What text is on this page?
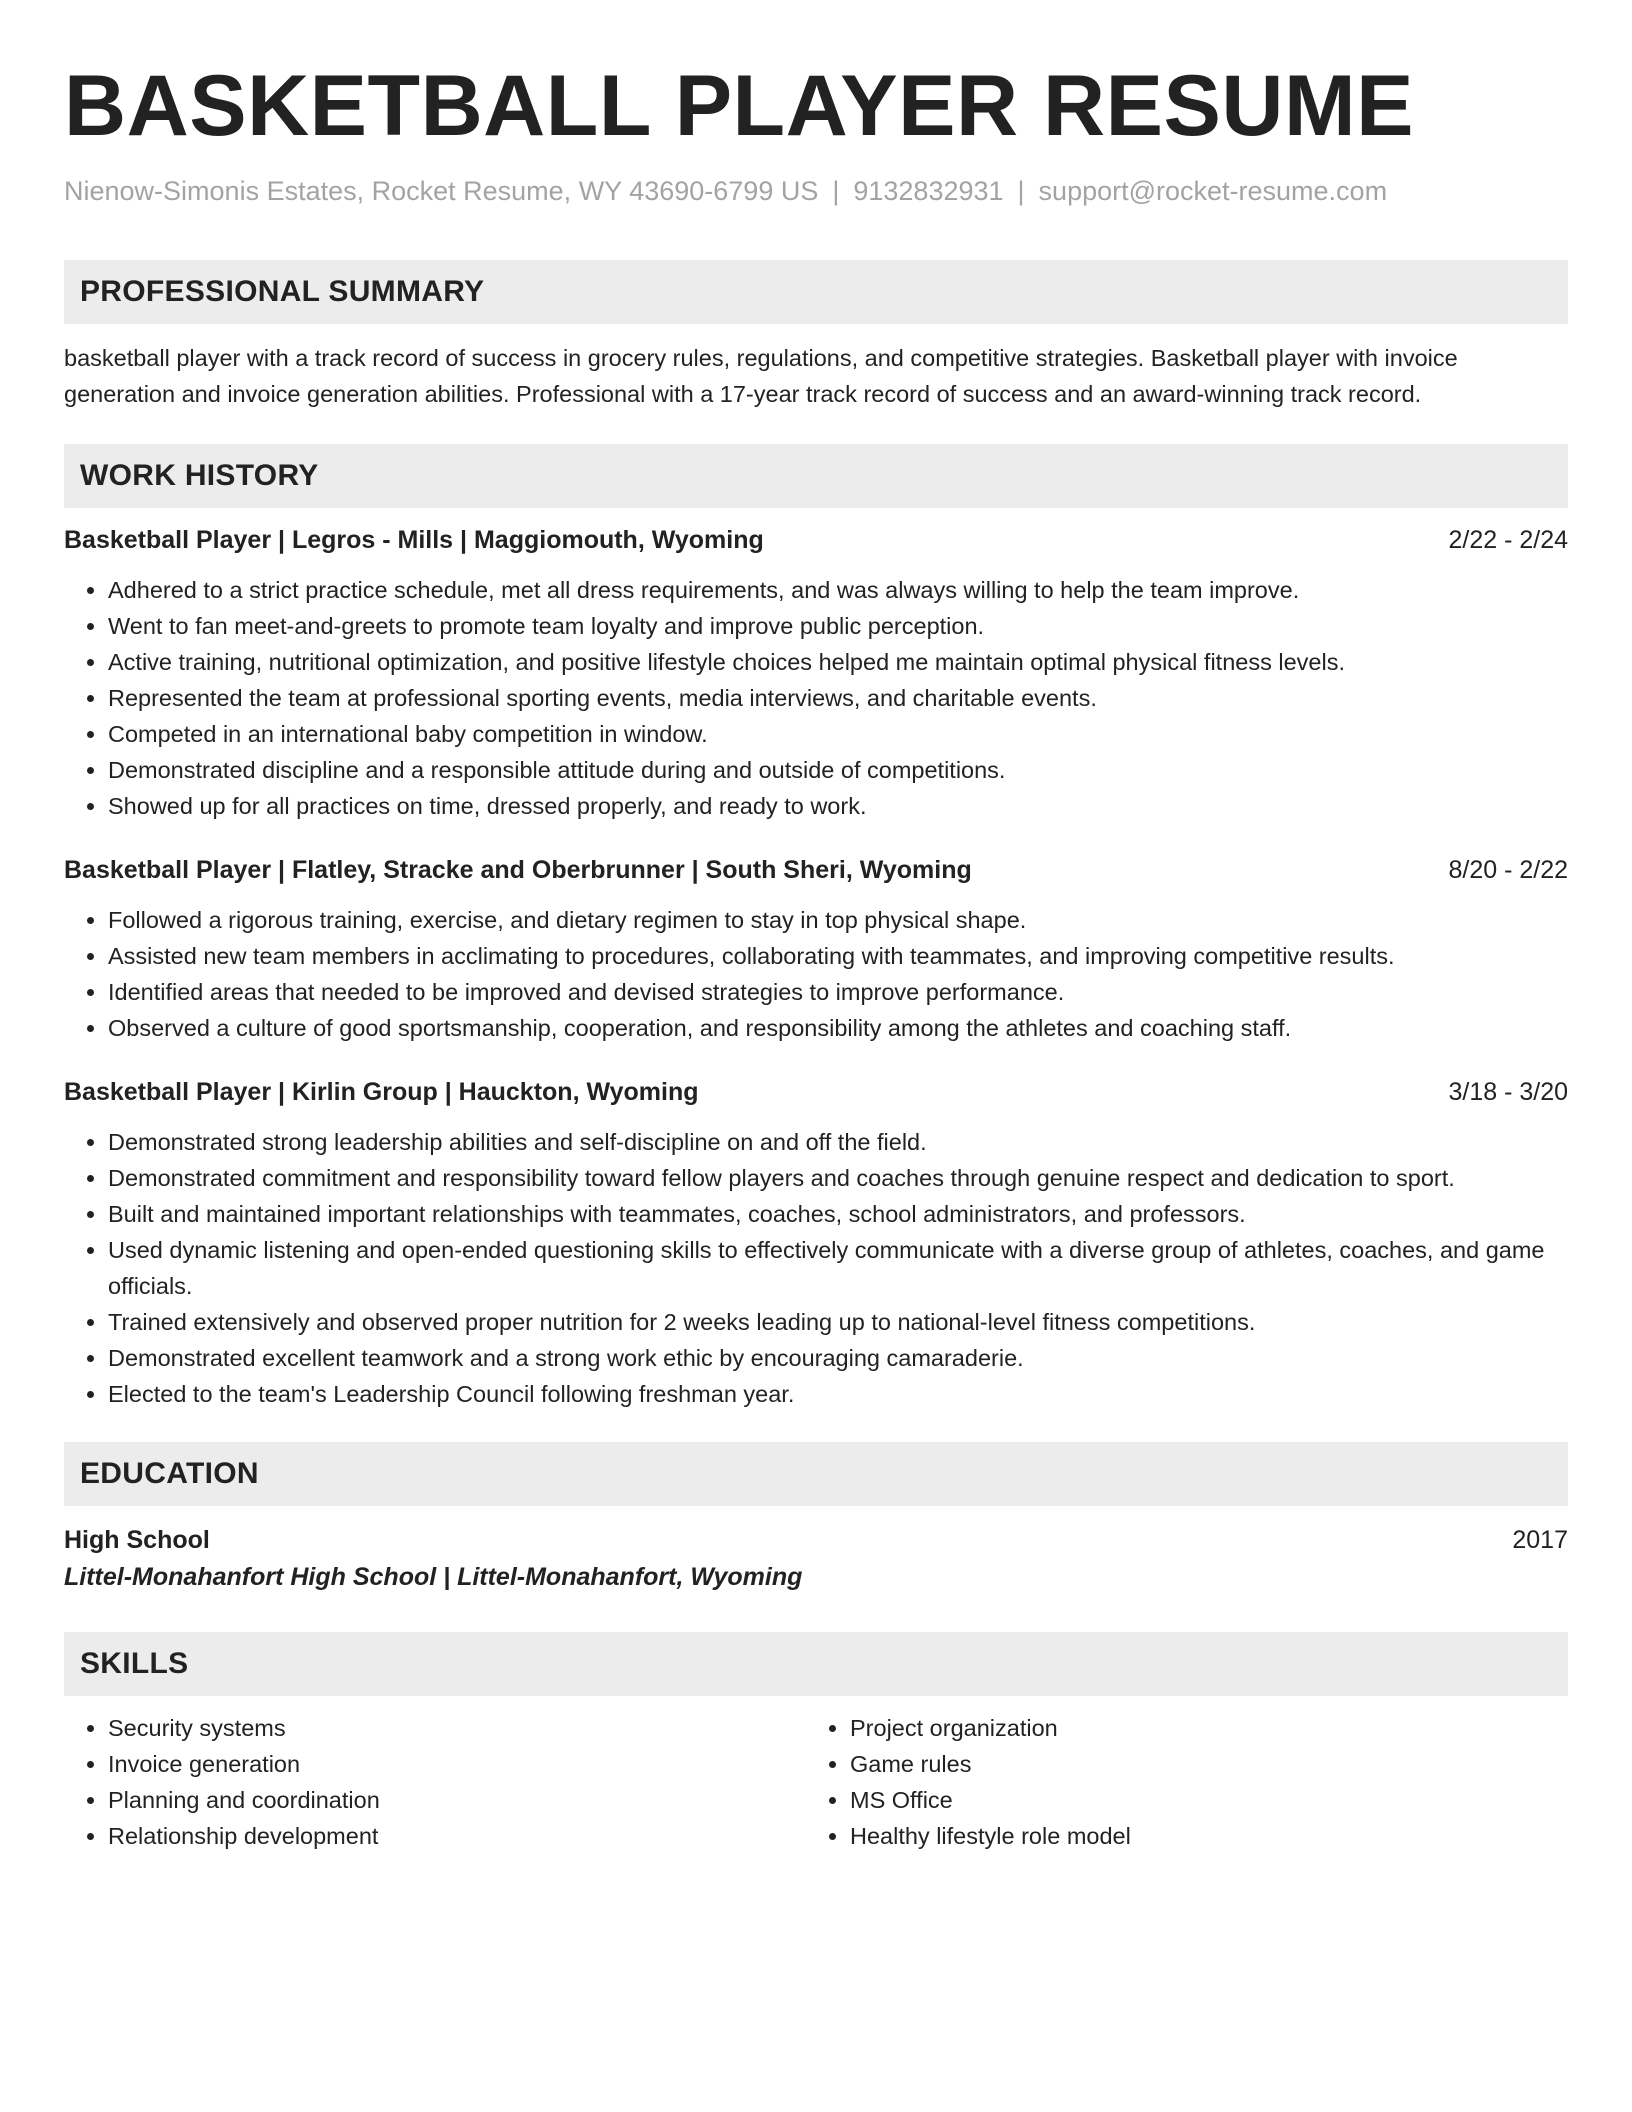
BASKETBALL PLAYER RESUME
Nienow-Simonis Estates, Rocket Resume, WY 43690-6799 US | 9132832931 | support@rocket-resume.com
PROFESSIONAL SUMMARY
basketball player with a track record of success in grocery rules, regulations, and competitive strategies. Basketball player with invoice generation and invoice generation abilities. Professional with a 17-year track record of success and an award-winning track record.
WORK HISTORY
Basketball Player | Legros - Mills | Maggiomouth, Wyoming	2/22 - 2/24
• Adhered to a strict practice schedule, met all dress requirements, and was always willing to help the team improve.
• Went to fan meet-and-greets to promote team loyalty and improve public perception.
• Active training, nutritional optimization, and positive lifestyle choices helped me maintain optimal physical fitness levels.
• Represented the team at professional sporting events, media interviews, and charitable events.
• Competed in an international baby competition in window.
• Demonstrated discipline and a responsible attitude during and outside of competitions.
• Showed up for all practices on time, dressed properly, and ready to work.
Basketball Player | Flatley, Stracke and Oberbrunner | South Sheri, Wyoming	8/20 - 2/22
• Followed a rigorous training, exercise, and dietary regimen to stay in top physical shape.
• Assisted new team members in acclimating to procedures, collaborating with teammates, and improving competitive results.
• Identified areas that needed to be improved and devised strategies to improve performance.
• Observed a culture of good sportsmanship, cooperation, and responsibility among the athletes and coaching staff.
Basketball Player | Kirlin Group | Hauckton, Wyoming	3/18 - 3/20
• Demonstrated strong leadership abilities and self-discipline on and off the field.
• Demonstrated commitment and responsibility toward fellow players and coaches through genuine respect and dedication to sport.
• Built and maintained important relationships with teammates, coaches, school administrators, and professors.
• Used dynamic listening and open-ended questioning skills to effectively communicate with a diverse group of athletes, coaches, and game officials.
• Trained extensively and observed proper nutrition for 2 weeks leading up to national-level fitness competitions.
• Demonstrated excellent teamwork and a strong work ethic by encouraging camaraderie.
• Elected to the team's Leadership Council following freshman year.
EDUCATION
High School	2017
Littel-Monahanfort High School | Littel-Monahanfort, Wyoming
SKILLS
• Security systems
• Invoice generation
• Planning and coordination
• Relationship development
• Project organization
• Game rules
• MS Office
• Healthy lifestyle role model
